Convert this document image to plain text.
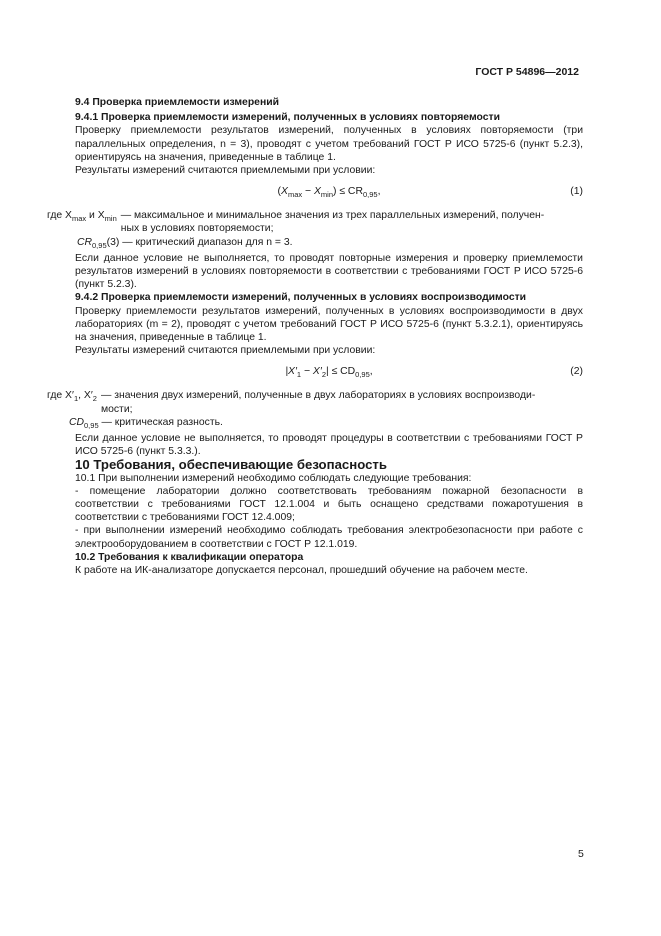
ГОСТ Р 54896—2012

9.4 Проверка приемлемости измерений

9.4.1 Проверка приемлемости измерений, полученных в условиях повторяемости

Проверку приемлемости результатов измерений, полученных в условиях повторяемости (три параллельных определения, n = 3), проводят с учетом требований ГОСТ Р ИСО 5725-6 (пункт 5.2.3), ориентируясь на значения, приведенные в таблице 1.

Результаты измерений считаются приемлемыми при условии:

$(X_{max} - X_{min}) \le CR_{0,95}$,	(1)
где $X_{max}$ и $X_{min}$ — максимальное и минимальное значения из трех параллельных измерений, получен-
ных в условиях повторяемости;

$CR_{0,95}(3)$ — критический диапазон для n = 3.

Если данное условие не выполняется, то проводят повторные измерения и проверку приемлемости результатов измерений в условиях повторяемости в соответствии с требованиями ГОСТ Р ИСО 5725-6 (пункт 5.2.3).

9.4.2 Проверка приемлемости измерений, полученных в условиях воспроизводимости

Проверку приемлемости результатов измерений, полученных в условиях воспроизводимости в двух лабораториях (m = 2), проводят с учетом требований ГОСТ Р ИСО 5725-6 (пункт 5.3.2.1), ориентируясь на значения, приведенные в таблице 1.

Результаты измерений считаются приемлемыми при условии:

$|X'_1 - X'_2| \le CD_{0,95}$,	(2)
где $X'_1$, $X'_2$ — значения двух измерений, полученные в двух лабораториях в условиях воспроизводи-
мости;

$CD_{0,95}$ — критическая разность.

Если данное условие не выполняется, то проводят процедуры в соответствии с требованиями ГОСТ Р ИСО 5725-6 (пункт 5.3.3.).

10 Требования, обеспечивающие безопасность

10.1 При выполнении измерений необходимо соблюдать следующие требования:

- помещение лаборатории должно соответствовать требованиям пожарной безопасности в соответствии с требованиями ГОСТ 12.1.004 и быть оснащено средствами пожаротушения в соответствии с требованиями ГОСТ 12.4.009;

- при выполнении измерений необходимо соблюдать требования электробезопасности при работе с электрооборудованием в соответствии с ГОСТ Р 12.1.019.

10.2 Требования к квалификации оператора

К работе на ИК-анализаторе допускается персонал, прошедший обучение на рабочем месте.

5
